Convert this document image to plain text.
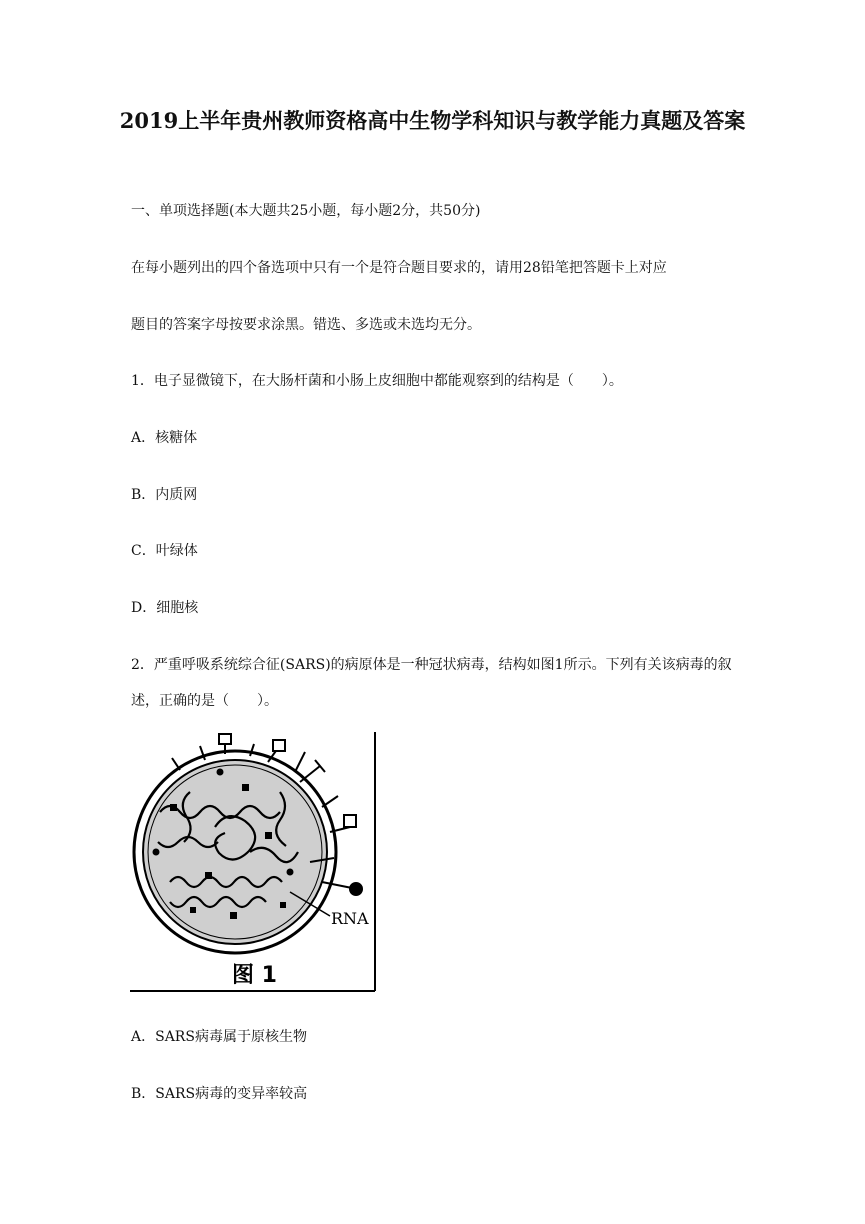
2019上半年贵州教师资格高中生物学科知识与教学能力真题及答案

一、单项选择题(本大题共25小题，每小题2分，共50分)

在每小题列出的四个备选项中只有一个是符合题目要求的，请用28铅笔把答题卡上对应

题目的答案字母按要求涂黑。错选、多选或未选均无分。

1．电子显微镜下，在大肠杆菌和小肠上皮细胞中都能观察到的结构是（　　）。

A．核糖体

B．内质网

C．叶绿体

D．细胞核

2．严重呼吸系统综合征(SARS)的病原体是一种冠状病毒，结构如图1所示。下列有关该病毒的叙述，正确的是（　　）。

RNA
图 1

A．SARS病毒属于原核生物

B．SARS病毒的变异率较高
